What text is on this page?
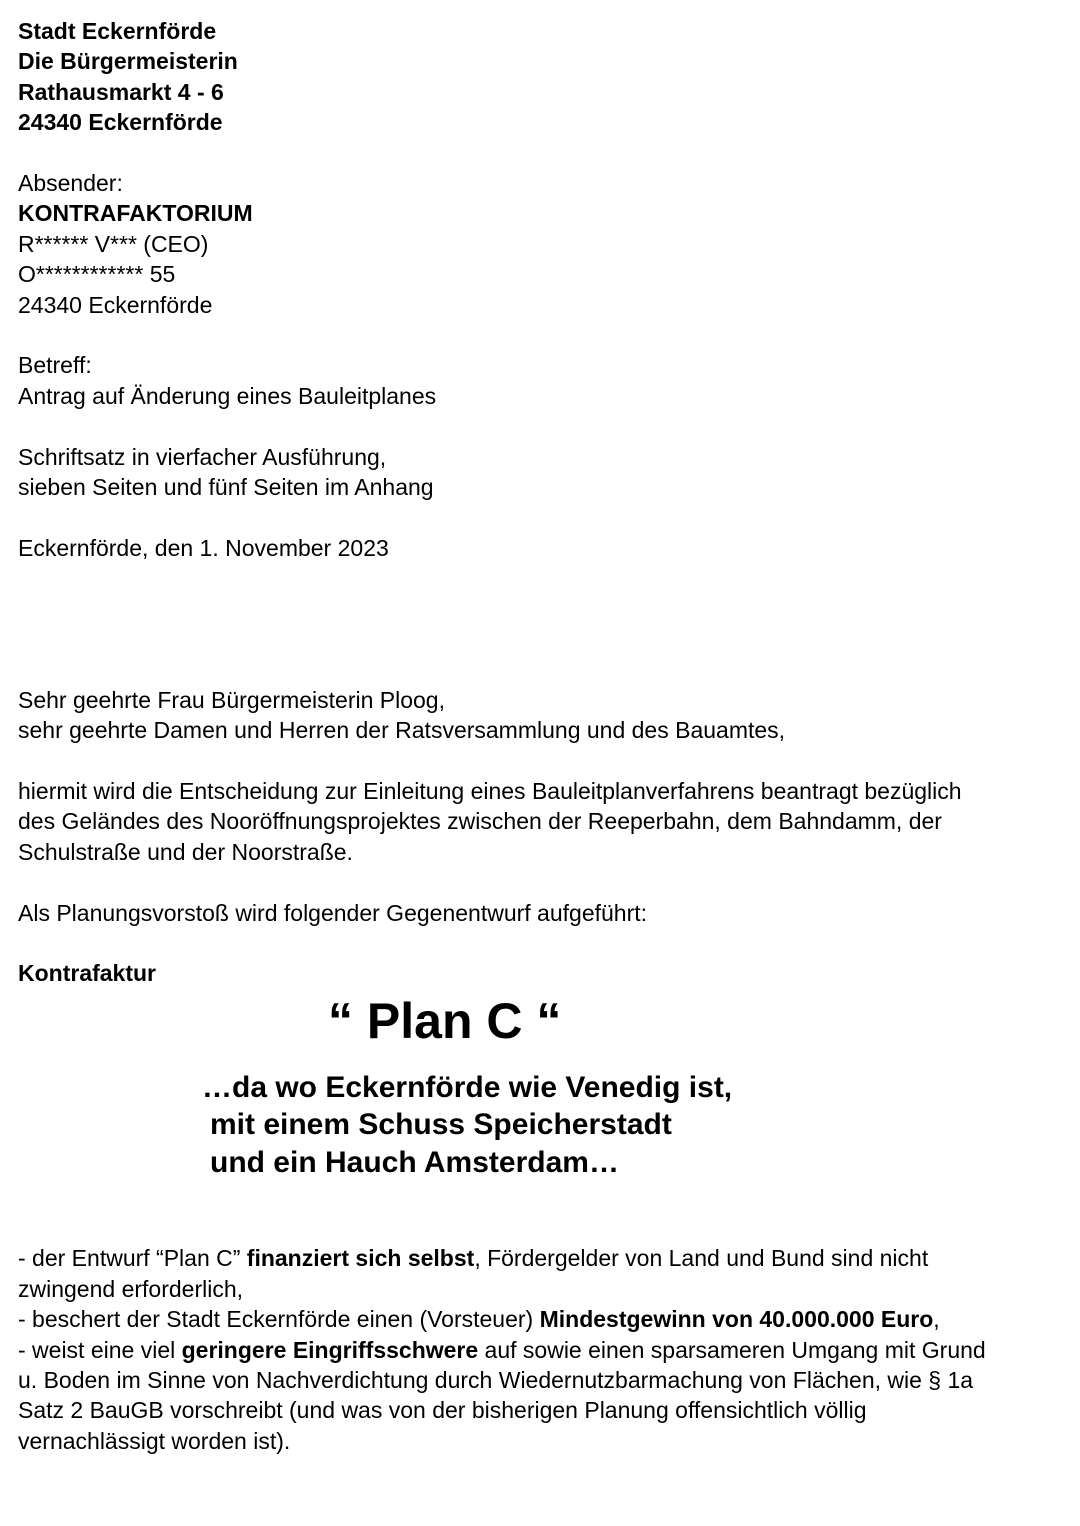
Stadt Eckernförde
Die Bürgermeisterin
Rathausmarkt 4 - 6
24340 Eckernförde
Absender:
KONTRAFAKTORIUM
R****** V*** (CEO)
O************ 55
24340 Eckernförde
Betreff:
Antrag auf Änderung eines Bauleitplanes
Schriftsatz in vierfacher Ausführung,
sieben Seiten und fünf Seiten im Anhang
Eckernförde, den 1. November 2023
Sehr geehrte Frau Bürgermeisterin Ploog,
sehr geehrte Damen und Herren der Ratsversammlung und des Bauamtes,
hiermit wird die Entscheidung zur Einleitung eines Bauleitplanverfahrens beantragt bezüglich
des Geländes des Nooröffnungsprojektes zwischen der Reeperbahn, dem Bahndamm, der
Schulstraße und der Noorstraße.
Als Planungsvorstoß wird folgender Gegenentwurf aufgeführt:
Kontrafaktur
“ Plan C “
…da wo Eckernförde wie Venedig ist,
mit einem Schuss Speicherstadt
und ein Hauch Amsterdam…
- der Entwurf “Plan C” finanziert sich selbst, Fördergelder von Land und Bund sind nicht
zwingend erforderlich,
- beschert der Stadt Eckernförde einen (Vorsteuer) Mindestgewinn von 40.000.000 Euro,
- weist eine viel geringere Eingriffsschwere auf sowie einen sparsameren Umgang mit Grund
u. Boden im Sinne von Nachverdichtung durch Wiedernutzbarmachung von Flächen, wie § 1a
Satz 2 BauGB vorschreibt (und was von der bisherigen Planung offensichtlich völlig
vernachlässigt worden ist).
